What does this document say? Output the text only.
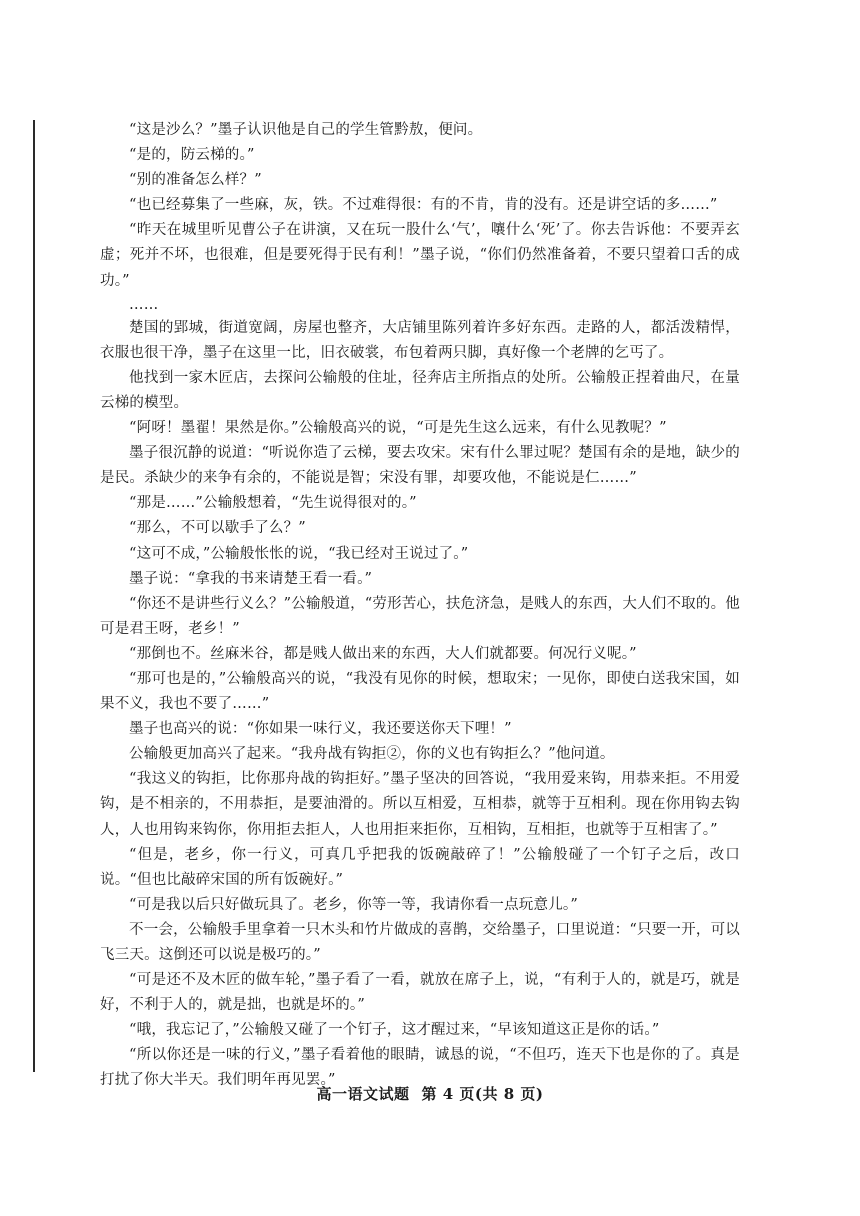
“这是沙么？”墨子认识他是自己的学生管黔敖，便问。

“是的，防云梯的。”

“别的准备怎么样？”

“也已经募集了一些麻，灰，铁。不过难得很：有的不肯，肯的没有。还是讲空话的多……”

“昨天在城里听见曹公子在讲演，又在玩一股什么‘气’，嚷什么‘死’了。你去告诉他：不要弄玄虚；死并不坏，也很难，但是要死得于民有利！”墨子说，“你们仍然准备着，不要只望着口舌的成功。”

……

楚国的郢城，街道宽阔，房屋也整齐，大店铺里陈列着许多好东西。走路的人，都活泼精悍，衣服也很干净，墨子在这里一比，旧衣破裳，布包着两只脚，真好像一个老牌的乞丐了。

他找到一家木匠店，去探问公输般的住址，径奔店主所指点的处所。公输般正捏着曲尺，在量云梯的模型。

“阿呀！墨翟！果然是你。”公输般高兴的说，“可是先生这么远来，有什么见教呢？”

墨子很沉静的说道：“听说你造了云梯，要去攻宋。宋有什么罪过呢？楚国有余的是地，缺少的是民。杀缺少的来争有余的，不能说是智；宋没有罪，却要攻他，不能说是仁……”

“那是……”公输般想着，“先生说得很对的。”

“那么，不可以歇手了么？”

“这可不成，”公输般怅怅的说，“我已经对王说过了。”

墨子说：“拿我的书来请楚王看一看。”

“你还不是讲些行义么？”公输般道，“劳形苦心，扶危济急，是贱人的东西，大人们不取的。他可是君王呀，老乡！”

“那倒也不。丝麻米谷，都是贱人做出来的东西，大人们就都要。何况行义呢。”

“那可也是的，”公输般高兴的说，“我没有见你的时候，想取宋；一见你，即使白送我宋国，如果不义，我也不要了……”

墨子也高兴的说：“你如果一味行义，我还要送你天下哩！”

公输般更加高兴了起来。“我舟战有钩拒②，你的义也有钩拒么？”他问道。

“我这义的钩拒，比你那舟战的钩拒好。”墨子坚决的回答说，“我用爱来钩，用恭来拒。不用爱钩，是不相亲的，不用恭拒，是要油滑的。所以互相爱，互相恭，就等于互相利。现在你用钩去钩人，人也用钩来钩你，你用拒去拒人，人也用拒来拒你，互相钩，互相拒，也就等于互相害了。”

“但是，老乡，你一行义，可真几乎把我的饭碗敲碎了！”公输般碰了一个钉子之后，改口说。“但也比敲碎宋国的所有饭碗好。”

“可是我以后只好做玩具了。老乡，你等一等，我请你看一点玩意儿。”

不一会，公输般手里拿着一只木头和竹片做成的喜鹊，交给墨子，口里说道：“只要一开，可以飞三天。这倒还可以说是极巧的。”

“可是还不及木匠的做车轮，”墨子看了一看，就放在席子上，说，“有利于人的，就是巧，就是好，不利于人的，就是拙，也就是坏的。”

“哦，我忘记了，”公输般又碰了一个钉子，这才醒过来，“早该知道这正是你的话。”

“所以你还是一味的行义，”墨子看着他的眼睛，诚恳的说，“不但巧，连天下也是你的了。真是打扰了你大半天。我们明年再见罢。”

高一语文试题 第 4 页(共 8 页)
